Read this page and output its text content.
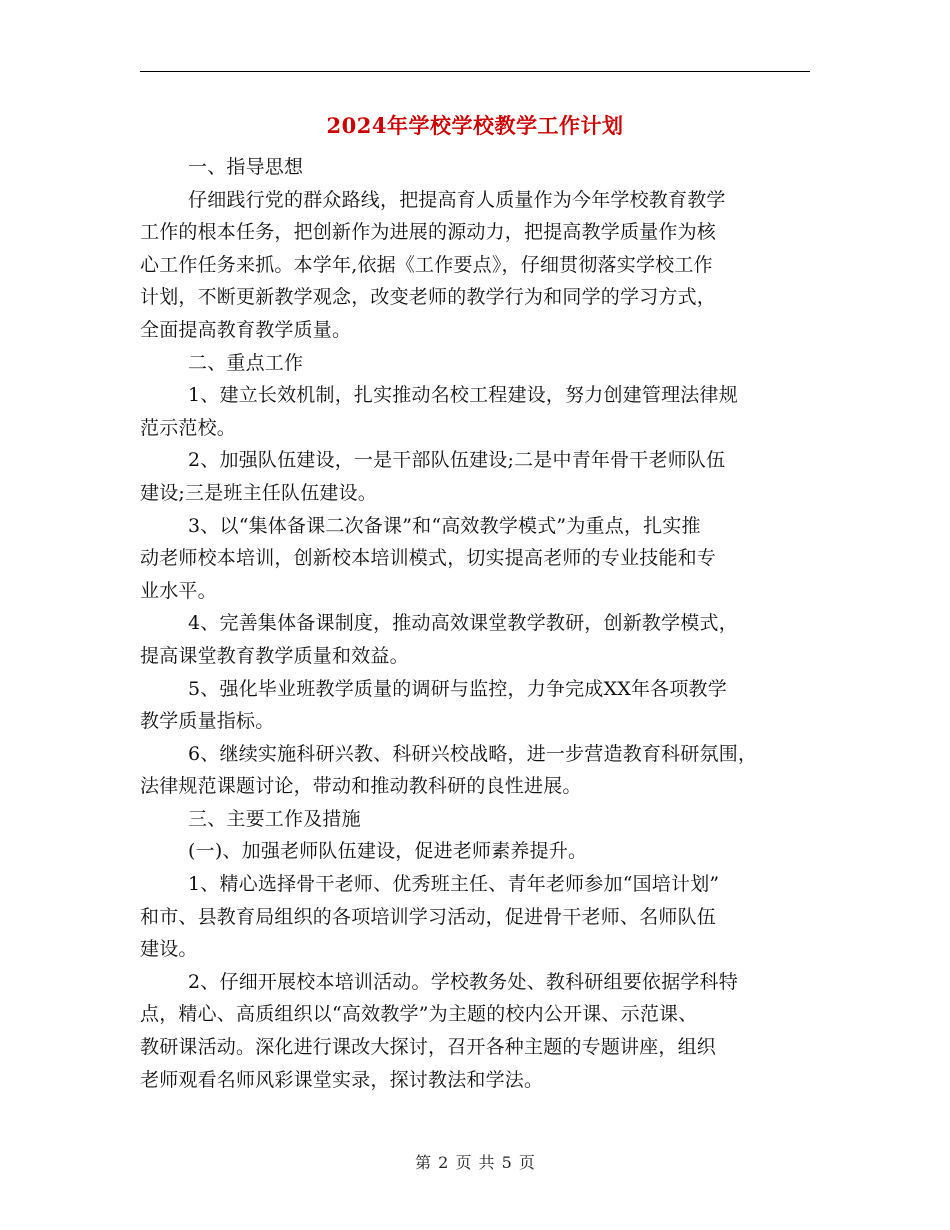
2024年学校学校教学工作计划
一、指导思想
仔细践行党的群众路线，把提高育人质量作为今年学校教育教学
工作的根本任务，把创新作为进展的源动力，把提高教学质量作为核
心工作任务来抓。本学年,依据《工作要点》，仔细贯彻落实学校工作
计划，不断更新教学观念，改变老师的教学行为和同学的学习方式，
全面提高教育教学质量。
二、重点工作
1、建立长效机制，扎实推动名校工程建设，努力创建管理法律规
范示范校。
2、加强队伍建设，一是干部队伍建设;二是中青年骨干老师队伍
建设;三是班主任队伍建设。
3、以“集体备课二次备课”和“高效教学模式”为重点，扎实推
动老师校本培训，创新校本培训模式，切实提高老师的专业技能和专
业水平。
4、完善集体备课制度，推动高效课堂教学教研，创新教学模式，
提高课堂教育教学质量和效益。
5、强化毕业班教学质量的调研与监控，力争完成XX年各项教学
教学质量指标。
6、继续实施科研兴教、科研兴校战略，进一步营造教育科研氛围，
法律规范课题讨论，带动和推动教科研的良性进展。
三、主要工作及措施
(一)、加强老师队伍建设，促进老师素养提升。
1、精心选择骨干老师、优秀班主任、青年老师参加“国培计划”
和市、县教育局组织的各项培训学习活动，促进骨干老师、名师队伍
建设。
2、仔细开展校本培训活动。学校教务处、教科研组要依据学科特
点，精心、高质组织以“高效教学”为主题的校内公开课、示范课、
教研课活动。深化进行课改大探讨，召开各种主题的专题讲座，组织
老师观看名师风彩课堂实录，探讨教法和学法。
第 2 页 共 5 页
